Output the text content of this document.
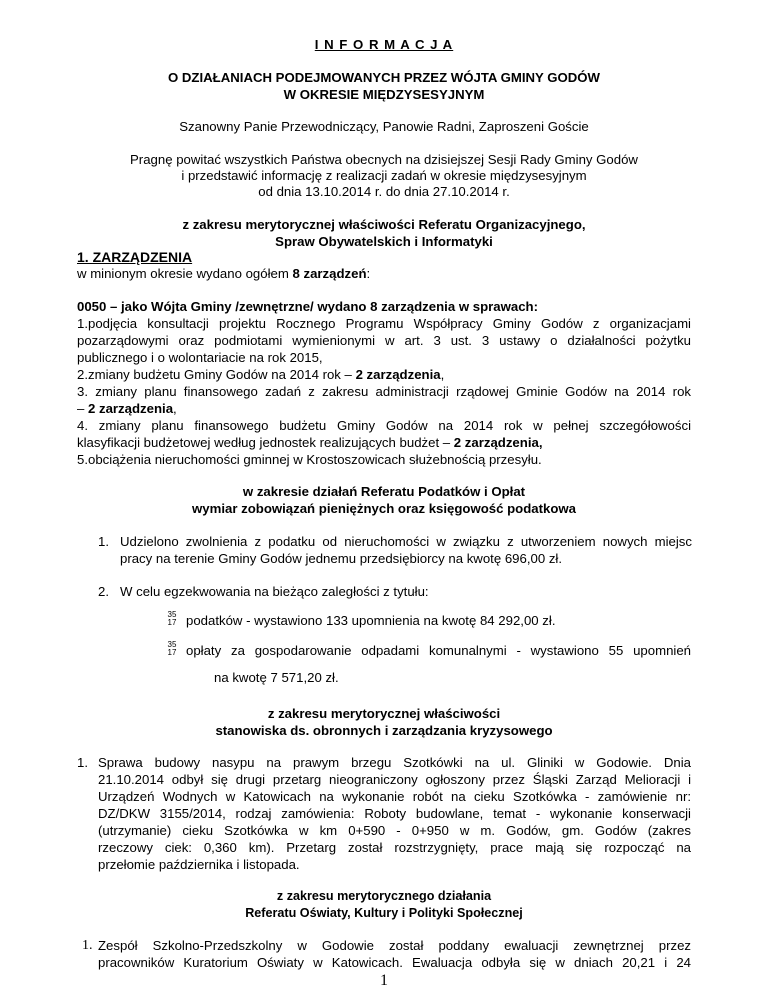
I N F O R M A C J A
O DZIAŁANIACH PODEJMOWANYCH PRZEZ WÓJTA GMINY GODÓW
W OKRESIE MIĘDZYSESYJNYM
Szanowny Panie Przewodniczący, Panowie Radni, Zaproszeni Goście
Pragnę powitać wszystkich Państwa obecnych na dzisiejszej Sesji Rady Gminy Godów
i przedstawić informację z realizacji zadań w okresie międzysesyjnym
od dnia 13.10.2014 r. do dnia 27.10.2014 r.
z zakresu merytorycznej właściwości Referatu Organizacyjnego,
Spraw Obywatelskich i Informatyki
1. ZARZĄDZENIA
w minionym okresie wydano ogółem 8 zarządzeń:
0050 – jako Wójta Gminy /zewnętrzne/ wydano 8 zarządzenia w sprawach:
1.podjęcia konsultacji projektu Rocznego Programu Współpracy Gminy Godów z organizacjami
pozarządowymi oraz podmiotami wymienionymi w art. 3 ust. 3 ustawy o działalności pożytku
publicznego i o wolontariacie na rok 2015,
2.zmiany budżetu Gminy Godów na 2014 rok – 2 zarządzenia,
3. zmiany planu finansowego zadań z zakresu administracji rządowej Gminie Godów na 2014 rok
– 2 zarządzenia,
4. zmiany planu finansowego budżetu Gminy Godów na 2014 rok w pełnej szczegółowości
klasyfikacji budżetowej według jednostek realizujących budżet – 2 zarządzenia,
5.obciążenia nieruchomości gminnej w Krostoszowicach służebnością przesyłu.
w zakresie działań Referatu Podatków i Opłat
wymiar zobowiązań pieniężnych oraz księgowość podatkowa
1. Udzielono zwolnienia z podatku od nieruchomości w związku z utworzeniem nowych miejsc
pracy na terenie Gminy Godów jednemu przedsiębiorcy na kwotę 696,00 zł.
2. W celu egzekwowania na bieżąco zaległości z tytułu:
35
17 podatków - wystawiono 133 upomnienia na kwotę 84 292,00 zł.
35
17 opłaty za gospodarowanie odpadami komunalnymi - wystawiono 55 upomnień
na kwotę 7 571,20 zł.
z zakresu merytorycznej właściwości
stanowiska ds. obronnych i zarządzania kryzysowego
1. Sprawa budowy nasypu na prawym brzegu Szotkówki na ul. Gliniki w Godowie. Dnia
21.10.2014 odbył się drugi przetarg nieograniczony ogłoszony przez Śląski Zarząd Melioracji i
Urządzeń Wodnych w Katowicach na wykonanie robót na cieku Szotkówka - zamówienie nr:
DZ/DKW 3155/2014, rodzaj zamówienia: Roboty budowlane, temat - wykonanie konserwacji
(utrzymanie) cieku Szotkówka w km 0+590 - 0+950 w m. Godów, gm. Godów (zakres
rzeczowy ciek: 0,360 km). Przetarg został rozstrzygnięty, prace mają się rozpocząć na
przełomie października i listopada.
z zakresu merytorycznego działania
Referatu Oświaty, Kultury i Polityki Społecznej
1. Zespół Szkolno-Przedszkolny w Godowie został poddany ewaluacji zewnętrznej przez
pracowników Kuratorium Oświaty w Katowicach. Ewaluacja odbyła się w dniach 20,21 i 24
1
